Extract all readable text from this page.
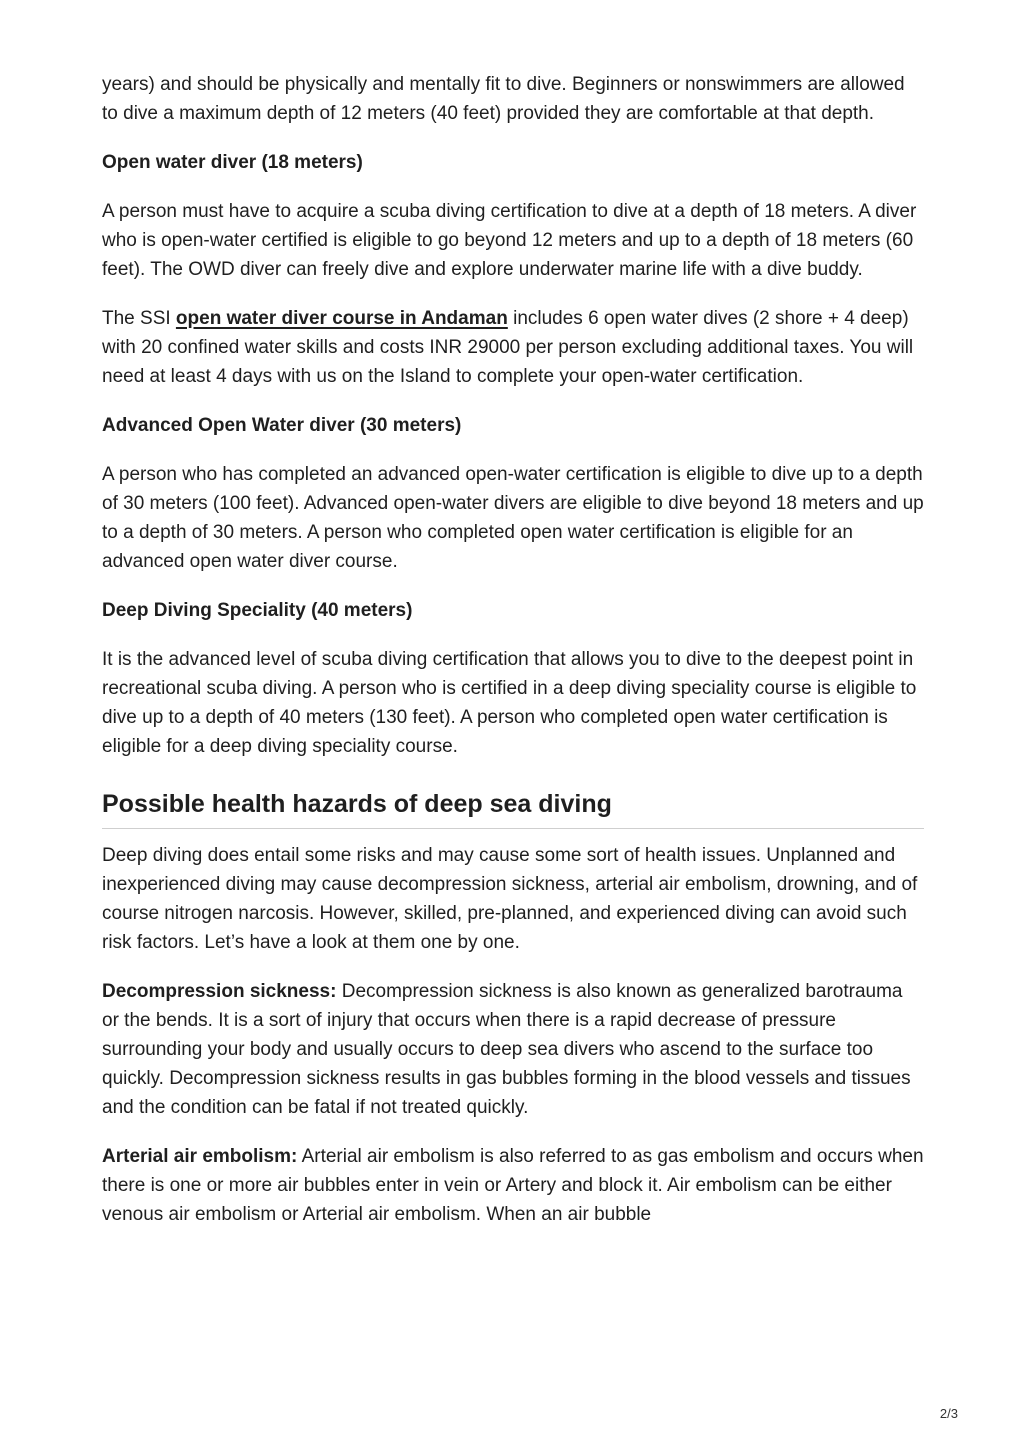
years) and should be physically and mentally fit to dive. Beginners or nonswimmers are allowed to dive a maximum depth of 12 meters (40 feet) provided they are comfortable at that depth.

Open water diver (18 meters)

A person must have to acquire a scuba diving certification to dive at a depth of 18 meters. A diver who is open-water certified is eligible to go beyond 12 meters and up to a depth of 18 meters (60 feet). The OWD diver can freely dive and explore underwater marine life with a dive buddy.

The SSI open water diver course in Andaman includes 6 open water dives (2 shore + 4 deep) with 20 confined water skills and costs INR 29000 per person excluding additional taxes. You will need at least 4 days with us on the Island to complete your open-water certification.

Advanced Open Water diver (30 meters)

A person who has completed an advanced open-water certification is eligible to dive up to a depth of 30 meters (100 feet). Advanced open-water divers are eligible to dive beyond 18 meters and up to a depth of 30 meters. A person who completed open water certification is eligible for an advanced open water diver course.

Deep Diving Speciality (40 meters)

It is the advanced level of scuba diving certification that allows you to dive to the deepest point in recreational scuba diving. A person who is certified in a deep diving speciality course is eligible to dive up to a depth of 40 meters (130 feet). A person who completed open water certification is eligible for a deep diving speciality course.

Possible health hazards of deep sea diving

Deep diving does entail some risks and may cause some sort of health issues. Unplanned and inexperienced diving may cause decompression sickness, arterial air embolism, drowning, and of course nitrogen narcosis. However, skilled, pre-planned, and experienced diving can avoid such risk factors. Let’s have a look at them one by one.

Decompression sickness: Decompression sickness is also known as generalized barotrauma or the bends. It is a sort of injury that occurs when there is a rapid decrease of pressure surrounding your body and usually occurs to deep sea divers who ascend to the surface too quickly. Decompression sickness results in gas bubbles forming in the blood vessels and tissues and the condition can be fatal if not treated quickly.

Arterial air embolism: Arterial air embolism is also referred to as gas embolism and occurs when there is one or more air bubbles enter in vein or Artery and block it. Air embolism can be either venous air embolism or Arterial air embolism. When an air bubble

2/3
